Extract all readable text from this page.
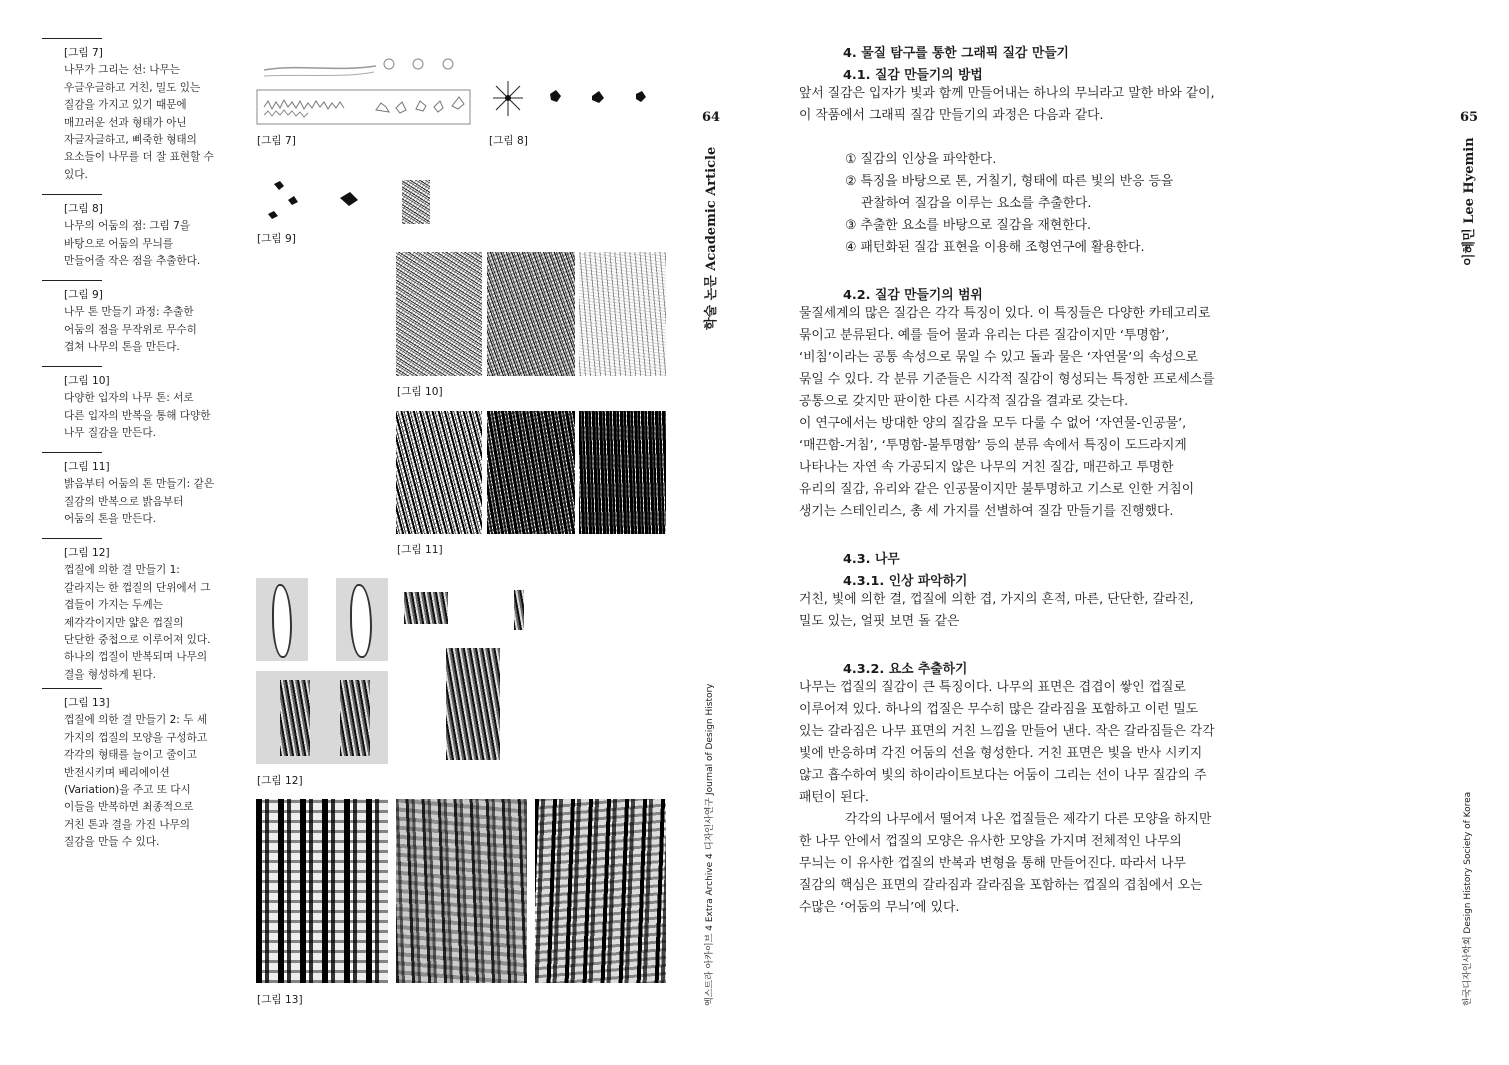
[그림 7]
나무가 그리는 선: 나무는
우글우글하고 거친, 밀도 있는
질감을 가지고 있기 때문에
매끄러운 선과 형태가 아닌
자글자글하고, 삐죽한 형태의
요소들이 나무를 더 잘 표현할 수
있다.
[그림 8]
나무의 어둠의 점: 그림 7을
바탕으로 어둠의 무늬를
만들어줄 작은 점을 추출한다.
[그림 9]
나무 톤 만들기 과정: 추출한
어둠의 점을 무작위로 무수히
겹쳐 나무의 톤을 만든다.
[그림 10]
다양한 입자의 나무 톤: 서로
다른 입자의 반복을 통해 다양한
나무 질감을 만든다.
[그림 11]
밝음부터 어둠의 톤 만들기: 같은
질감의 반복으로 밝음부터
어둠의 톤을 만든다.
[그림 12]
껍질에 의한 결 만들기 1:
갈라지는 한 껍질의 단위에서 그
겹들이 가지는 두께는
제각각이지만 얇은 껍질의
단단한 중첩으로 이루어져 있다.
하나의 껍질이 반복되며 나무의
결을 형성하게 된다.
[그림 13]
껍질에 의한 결 만들기 2: 두 세
가지의 껍질의 모양을 구성하고
각각의 형태를 늘이고 줄이고
반전시키며 베리에이션
(Variation)을 주고 또 다시
이들을 반복하면 최종적으로
거친 톤과 결을 가진 나무의
질감을 만들 수 있다.
[그림 7]	[그림 8]
[그림 9]
[그림 10]
[그림 11]
[그림 12]
[그림 13]
64
학술 논문 Academic Article
디자인사연구 Journal of Design History
엑스트라 아카이브 4 Extra Archive 4
4. 물질 탐구를 통한 그래픽 질감 만들기
4.1. 질감 만들기의 방법
앞서 질감은 입자가 빛과 함께 만들어내는 하나의 무늬라고 말한 바와 같이,
이 작품에서 그래픽 질감 만들기의 과정은 다음과 같다.
① 질감의 인상을 파악한다.
② 특징을 바탕으로 톤, 거칠기, 형태에 따른 빛의 반응 등을
관찰하여 질감을 이루는 요소를 추출한다.
③ 추출한 요소를 바탕으로 질감을 재현한다.
④ 패턴화된 질감 표현을 이용해 조형연구에 활용한다.
4.2. 질감 만들기의 범위
물질세계의 많은 질감은 각각 특징이 있다. 이 특징들은 다양한 카테고리로
묶이고 분류된다. 예를 들어 물과 유리는 다른 질감이지만 ‘투명함’,
‘비침’이라는 공통 속성으로 묶일 수 있고 돌과 물은 ‘자연물’의 속성으로
묶일 수 있다. 각 분류 기준들은 시각적 질감이 형성되는 특정한 프로세스를
공통으로 갖지만 판이한 다른 시각적 질감을 결과로 갖는다.
이 연구에서는 방대한 양의 질감을 모두 다룰 수 없어 ‘자연물-인공물’,
‘매끈함-거침’, ‘투명함-불투명함’ 등의 분류 속에서 특징이 도드라지게
나타나는 자연 속 가공되지 않은 나무의 거친 질감, 매끈하고 투명한
유리의 질감, 유리와 같은 인공물이지만 불투명하고 기스로 인한 거침이
생기는 스테인리스, 총 세 가지를 선별하여 질감 만들기를 진행했다.
4.3. 나무
4.3.1. 인상 파악하기
거친, 빛에 의한 결, 껍질에 의한 겹, 가지의 흔적, 마른, 단단한, 갈라진,
밀도 있는, 얼핏 보면 돌 같은
4.3.2. 요소 추출하기
나무는 껍질의 질감이 큰 특징이다. 나무의 표면은 겹겹이 쌓인 껍질로
이루어져 있다. 하나의 껍질은 무수히 많은 갈라짐을 포함하고 이런 밀도
있는 갈라짐은 나무 표면의 거친 느낌을 만들어 낸다. 작은 갈라짐들은 각각
빛에 반응하며 각진 어둠의 선을 형성한다. 거친 표면은 빛을 반사 시키지
않고 흡수하여 빛의 하이라이트보다는 어둠이 그리는 선이 나무 질감의 주
패턴이 된다.
각각의 나무에서 떨어져 나온 껍질들은 제각기 다른 모양을 하지만
한 나무 안에서 껍질의 모양은 유사한 모양을 가지며 전체적인 나무의
무늬는 이 유사한 껍질의 반복과 변형을 통해 만들어진다. 따라서 나무
질감의 핵심은 표면의 갈라짐과 갈라짐을 포함하는 껍질의 겹침에서 오는
수많은 ‘어둠의 무늬’에 있다.
65
이혜민 Lee Hyemin
한국디자인사학회 Design History Society of Korea
